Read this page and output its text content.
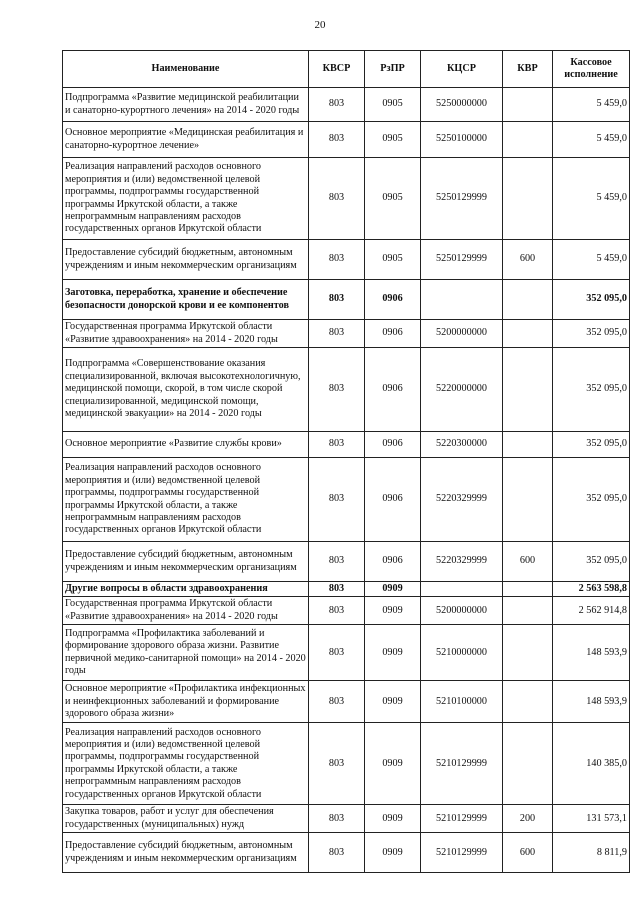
20
Наименование	КВСР	РзПР	КЦСР	КВР	Кассовое исполнение
Подпрограмма «Развитие медицинской реабилитации и санаторно-курортного лечения» на 2014 - 2020 годы	803	0905	5250000000		5 459,0
Основное мероприятие «Медицинская реабилитация и санаторно-курортное лечение»	803	0905	5250100000		5 459,0
Реализация направлений расходов основного мероприятия и (или) ведомственной целевой программы, подпрограммы государственной программы Иркутской области, а также непрограммным направлениям расходов государственных органов Иркутской области	803	0905	5250129999		5 459,0
Предоставление субсидий бюджетным, автономным учреждениям и иным некоммерческим организациям	803	0905	5250129999	600	5 459,0
Заготовка, переработка, хранение и обеспечение безопасности донорской крови и ее компонентов	803	0906			352 095,0
Государственная программа Иркутской области «Развитие здравоохранения» на 2014 - 2020 годы	803	0906	5200000000		352 095,0
Подпрограмма «Совершенствование оказания специализированной, включая высокотехнологичную, медицинской помощи, скорой, в том числе скорой специализированной, медицинской помощи, медицинской эвакуации» на 2014 - 2020 годы	803	0906	5220000000		352 095,0
Основное мероприятие «Развитие службы крови»	803	0906	5220300000		352 095,0
Реализация направлений расходов основного мероприятия и (или) ведомственной целевой программы, подпрограммы государственной программы Иркутской области, а также непрограммным направлениям расходов государственных органов Иркутской области	803	0906	5220329999		352 095,0
Предоставление субсидий бюджетным, автономным учреждениям и иным некоммерческим организациям	803	0906	5220329999	600	352 095,0
Другие вопросы в области здравоохранения	803	0909			2 563 598,8
Государственная программа Иркутской области «Развитие здравоохранения» на 2014 - 2020 годы	803	0909	5200000000		2 562 914,8
Подпрограмма «Профилактика заболеваний и формирование здорового образа жизни. Развитие первичной медико-санитарной помощи» на 2014 - 2020 годы	803	0909	5210000000		148 593,9
Основное мероприятие «Профилактика инфекционных и неинфекционных заболеваний и формирование здорового образа жизни»	803	0909	5210100000		148 593,9
Реализация направлений расходов основного мероприятия и (или) ведомственной целевой программы, подпрограммы государственной программы Иркутской области, а также непрограммным направлениям расходов государственных органов Иркутской области	803	0909	5210129999		140 385,0
Закупка товаров, работ и услуг для обеспечения государственных (муниципальных) нужд	803	0909	5210129999	200	131 573,1
Предоставление субсидий бюджетным, автономным учреждениям и иным некоммерческим организациям	803	0909	5210129999	600	8 811,9
